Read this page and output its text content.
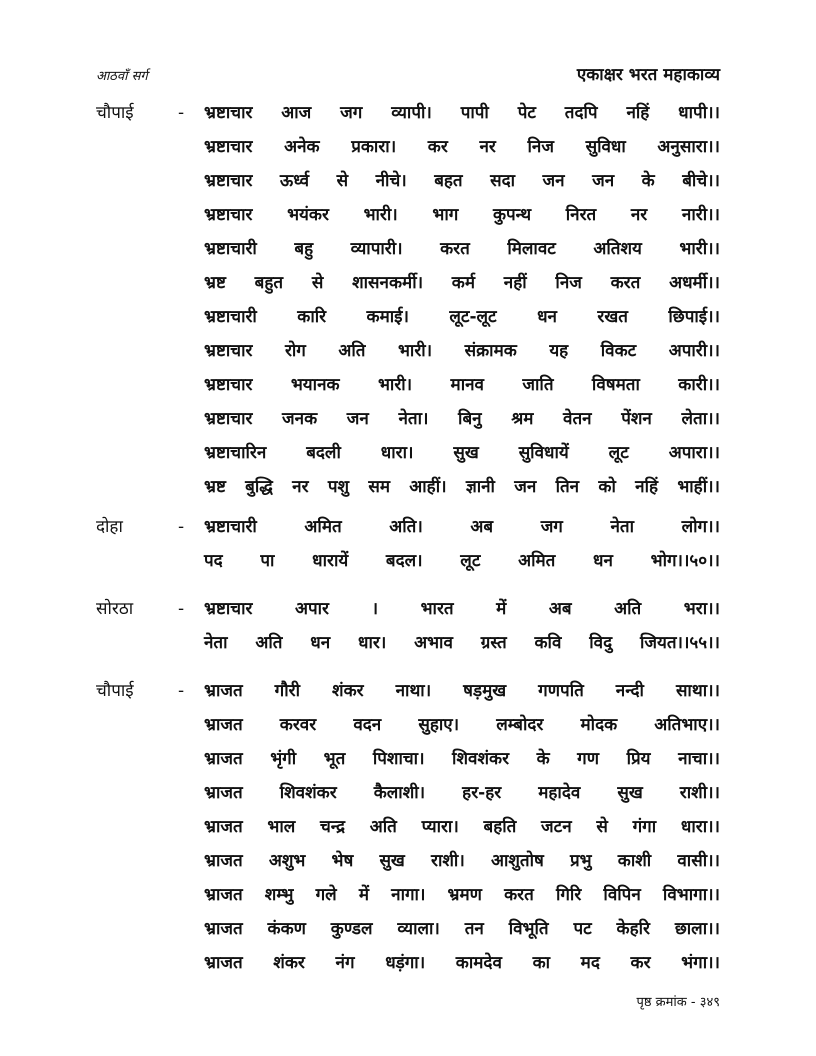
आठवाँ सर्ग	एकाक्षर भरत महाकाव्य
चौपाई	- भ्रष्टाचार आज जग व्यापी। पापी पेट तदपि नहिं धापी।।
भ्रष्टाचार अनेक प्रकारा। कर नर निज सुविधा अनुसारा।।
भ्रष्टाचार ऊर्ध्व से नीचे। बहत सदा जन जन के बीचे।।
भ्रष्टाचार भयंकर भारी। भाग कुपन्थ निरत नर नारी।।
भ्रष्टाचारी बहु व्यापारी। करत मिलावट अतिशय भारी।।
भ्रष्ट बहुत से शासनकर्मी। कर्म नहीं निज करत अधर्मी।।
भ्रष्टाचारी कारि कमाई। लूट-लूट धन रखत छिपाई।।
भ्रष्टाचार रोग अति भारी। संक्रामक यह विकट अपारी।।
भ्रष्टाचार भयानक भारी। मानव जाति विषमता कारी।।
भ्रष्टाचार जनक जन नेता। बिनु श्रम वेतन पेंशन लेता।।
भ्रष्टाचारिन बदली धारा। सुख सुविधायें लूट अपारा।।
भ्रष्ट बुद्धि नर पशु सम आहीं। ज्ञानी जन तिन को नहिं भाहीं।।
दोहा	- भ्रष्टाचारी अमित अति। अब जग नेता लोग।।
पद पा धारायें बदल। लूट अमित धन भोग।।५०।।
सोरठा	- भ्रष्टाचार अपार । भारत में अब अति भरा।।
नेता अति धन धार। अभाव ग्रस्त कवि विदु जियत।।५५।।
चौपाई	- भ्राजत गौरी शंकर नाथा। षड़मुख गणपति नन्दी साथा।।
भ्राजत करवर वदन सुहाए। लम्बोदर मोदक अतिभाए।।
भ्राजत भृंगी भूत पिशाचा। शिवशंकर के गण प्रिय नाचा।।
भ्राजत शिवशंकर कैलाशी। हर-हर महादेव सुख राशी।।
भ्राजत भाल चन्द्र अति प्यारा। बहति जटन से गंगा धारा।।
भ्राजत अशुभ भेष सुख राशी। आशुतोष प्रभु काशी वासी।।
भ्राजत शम्भु गले में नागा। भ्रमण करत गिरि विपिन विभागा।।
भ्राजत कंकण कुण्डल व्याला। तन विभूति पट केहरि छाला।।
भ्राजत शंकर नंग धड़ंगा। कामदेव का मद कर भंगा।।
पृष्ठ क्रमांक - ३४९
